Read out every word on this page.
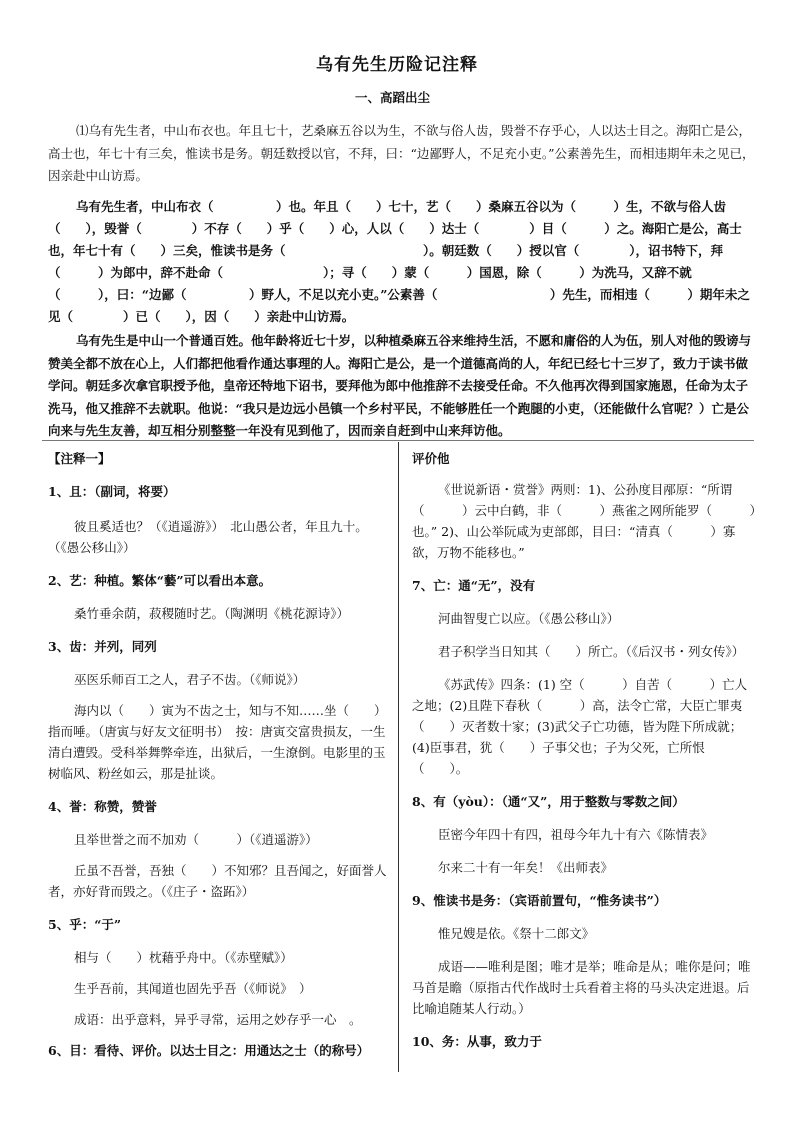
乌有先生历险记注释
一、高蹈出尘

⑴乌有先生者，中山布衣也。年且七十，艺桑麻五谷以为生，不欲与俗人齿，毁誉不存乎心，人以达士目之。海阳亡是公，高士也，年七十有三矣，惟读书是务。朝廷数授以官，不拜，曰：“边鄙野人，不足充小吏。”公素善先生，而相违期年未之见已，因亲赴中山访焉。

乌有先生者，中山布衣（　　　　　）也。年且（　　）七十，艺（　　）桑麻五谷以为（　　　）生，不欲与俗人齿（　　），毁誉（　　　　）不存（　　）乎（　　）心，人以（　　）达士（　　　　）目（　　　）之。海阳亡是公，高士也，年七十有（　　）三矣，惟读书是务（　　　　　　　　　　　）。朝廷数（　　）授以官（　　　　），诏书特下，拜（　　　）为郎中，辞不赴命（　　　　　　　　）；寻（　　）蒙（　　　）国恩，除（　　　）为洗马，又辞不就（　　　），曰：“边鄙（　　　　　）野人，不足以充小吏。”公素善（　　　　　　　　　）先生，而相违（　　　）期年未之见（　　　　）已（　　），因（　　）亲赴中山访焉。

乌有先生是中山一个普通百姓。他年龄将近七十岁，以种植桑麻五谷来维持生活，不愿和庸俗的人为伍，别人对他的毁谤与赞美全都不放在心上，人们都把他看作通达事理的人。海阳亡是公，是一个道德高尚的人，年纪已经七十三岁了，致力于读书做学问。朝廷多次拿官职授予他，皇帝还特地下诏书，要拜他为郎中他推辞不去接受任命。不久他再次得到国家施恩，任命为太子洗马，他又推辞不去就职。他说：“我只是边远小邑镇一个乡村平民，不能够胜任一个跑腿的小吏，（还能做什么官呢？）亡是公向来与先生友善，却互相分别整整一年没有见到他了，因而亲自赶到中山来拜访他。

【注释一】

1、且：（副词，将要）

彼且奚适也？（《逍遥游》）　北山愚公者，年且九十。（《愚公移山》）

2、艺：种植。繁体“藝”可以看出本意。

桑竹垂余荫，菽稷随时艺。（陶渊明《桃花源诗》）

3、齿：并列，同列

巫医乐师百工之人，君子不齿。（《师说》）

海内以（　　）寅为不齿之士，知与不知……坐（　　）指而唾。（唐寅与好友文征明书）　按：唐寅交富贵损友，一生清白遭毁。受科举舞弊牵连，出狱后，一生潦倒。电影里的玉树临风、粉丝如云，那是扯谈。

4、誉：称赞，赞誉

且举世誉之而不加劝（　　　）（《逍遥游》）

丘虽不吾誉，吾独（　　）不知邪？且吾闻之，好面誉人者，亦好背而毁之。（《庄子・盗跖》）

5、乎：“于”

相与（　　）枕藉乎舟中。（《赤壁赋》）

生乎吾前，其闻道也固先乎吾（《师说》　）

成语：出乎意料，异乎寻常，运用之妙存乎一心　。

6、目：看待、评价。以达士目之：用通达之士（的称号）

评价他

《世说新语・赏誉》两则：1)、公孙度目邴原：“所谓（　　　）云中白鹤，非（　　　）燕雀之网所能罗（　　　）也。” 2)、山公举阮咸为吏部郎，目曰：“清真（　　　）寡欲，万物不能移也。”

7、亡：通“无”，没有

河曲智叟亡以应。（《愚公移山》）

君子积学当日知其（　　）所亡。（《后汉书・列女传》）

《苏武传》四条：(1) 空（　　　）自苦（　　　）亡人之地；(2)且陛下春秋（　　　）高，法令亡常，大臣亡罪夷（　　）灭者数十家；(3)武父子亡功德，皆为陛下所成就；(4)臣事君，犹（　　）子事父也；子为父死，亡所恨（　　）。

8、有（yòu）：（通“又”，用于整数与零数之间）

臣密今年四十有四，祖母今年九十有六《陈情表》

尔来二十有一年矣！《出师表》

9、惟读书是务：（宾语前置句，“惟务读书”）

惟兄嫂是依。《祭十二郎文》

成语——唯利是图；唯才是举；唯命是从；唯你是问；唯马首是瞻（原指古代作战时士兵看着主将的马头决定进退。后比喻追随某人行动。）

10、务：从事，致力于
